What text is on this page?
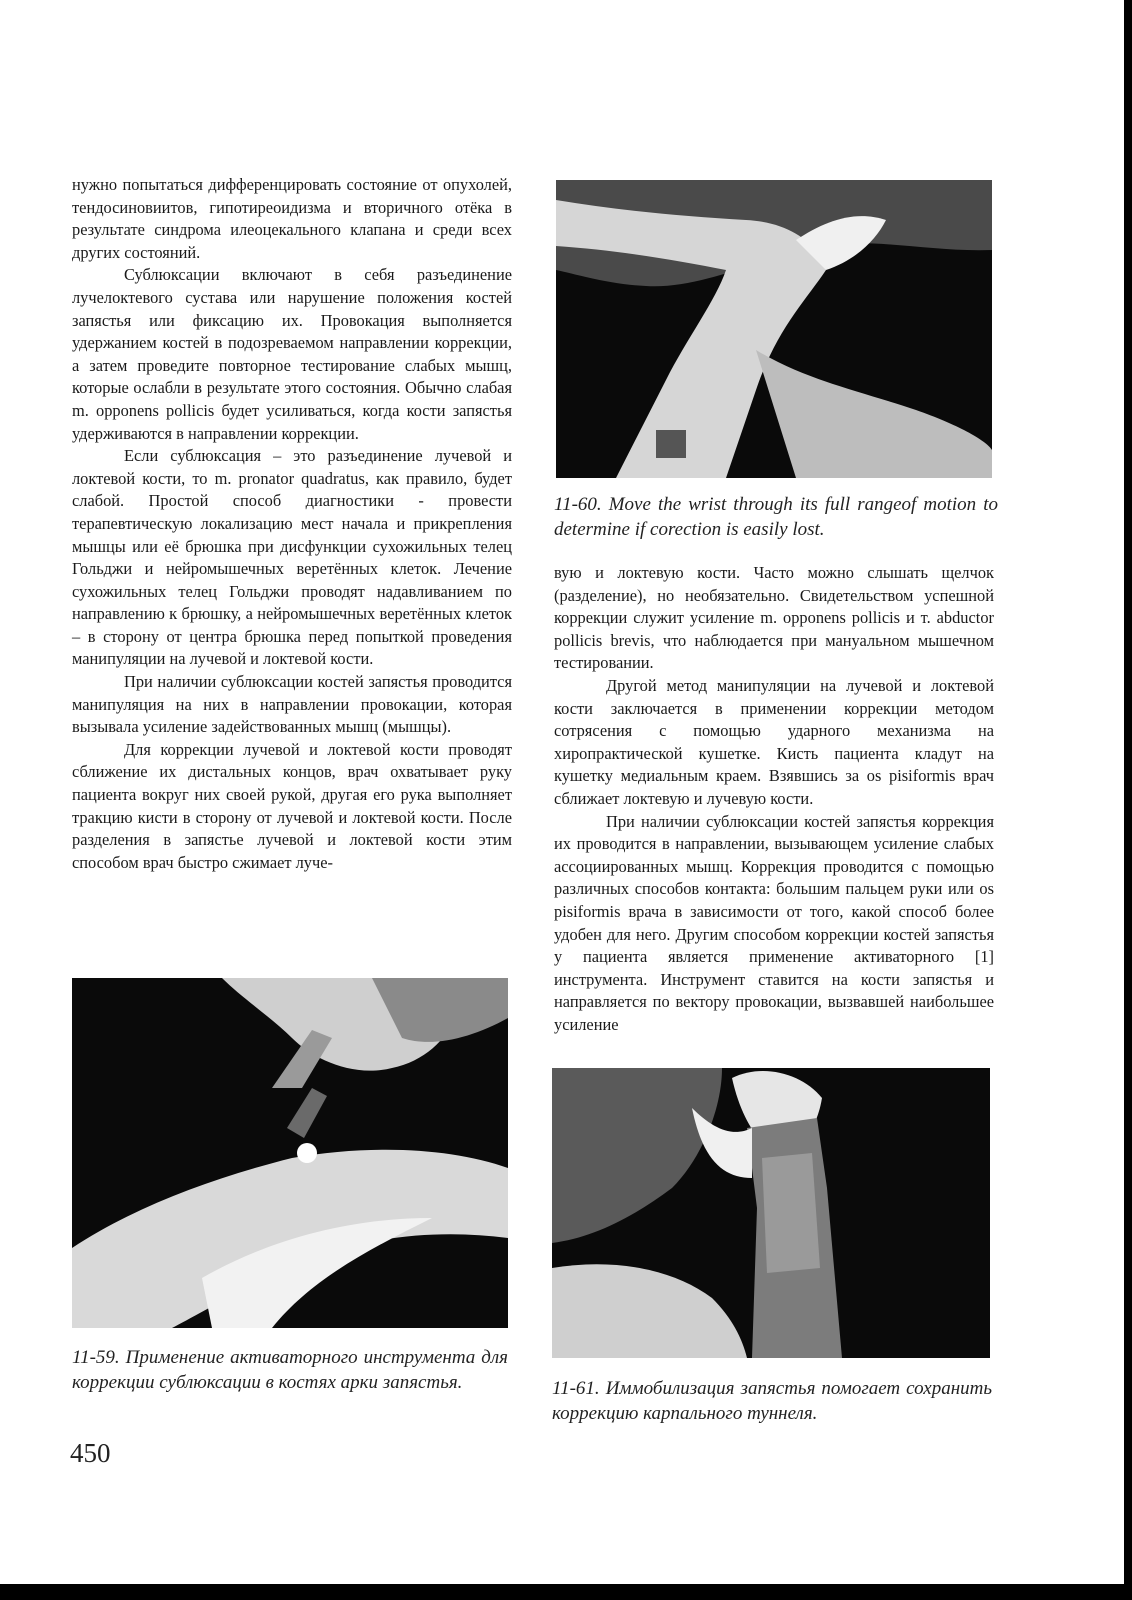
нужно попытаться дифференцировать состояние от опухолей, тендосиновиитов, гипотиреоидизма и вторичного отёка в результате синдрома илеоцекального клапана и среди всех других состояний.

Сублюксации включают в себя разъединение лучелоктевого сустава или нарушение положения костей запястья или фиксацию их. Провокация выполняется удержанием костей в подозреваемом направлении коррекции, а затем проведите повторное тестирование слабых мышц, которые ослабли в результате этого состояния. Обычно слабая m. opponens pollicis будет усиливаться, когда кости запястья удерживаются в направлении коррекции.

Если сублюксация – это разъединение лучевой и локтевой кости, то m. pronator quadratus, как правило, будет слабой. Простой способ диагностики - провести терапевтическую локализацию мест начала и прикрепления мышцы или её брюшка при дисфункции сухожильных телец Гольджи и нейромышечных веретённых клеток. Лечение сухожильных телец Гольджи проводят надавливанием по направлению к брюшку, а нейромышечных веретённых клеток – в сторону от центра брюшка перед попыткой проведения манипуляции на лучевой и локтевой кости.

При наличии сублюксации костей запястья проводится манипуляция на них в направлении провокации, которая вызывала усиление задействованных мышц (мышцы).

Для коррекции лучевой и локтевой кости проводят сближение их дистальных концов, врач охватывает руку пациента вокруг них своей рукой, другая его рука выполняет тракцию кисти в сторону от лучевой и локтевой кости. После разделения в запястье лучевой и локтевой кости этим способом врач быстро сжимает луче-

11-60. Move the wrist through its full rangeof motion to determine if corection is easily lost.

вую и локтевую кости. Часто можно слышать щелчок (разделение), но необязательно. Свидетельством успешной коррекции служит усиление m. opponens pollicis и т. abductor pollicis brevis, что наблюдается при мануальном мышечном тестировании.

Другой метод манипуляции на лучевой и локтевой кости заключается в применении коррекции методом сотрясения с помощью ударного механизма на хиропрактической кушетке. Кисть пациента кладут на кушетку медиальным краем. Взявшись за os pisiformis врач сближает локтевую и лучевую кости.

При наличии сублюксации костей запястья коррекция их проводится в направлении, вызывающем усиление слабых ассоциированных мышц. Коррекция проводится с помощью различных способов контакта: большим пальцем руки или os pisiformis врача в зависимости от того, какой способ более удобен для него. Другим способом коррекции костей запястья у пациента является применение активаторного [1] инструмента. Инструмент ставится на кости запястья и направляется по вектору провокации, вызвавшей наибольшее усиление

11-59. Применение активаторного инструмента для коррекции сублюксации в костях арки запястья.	11-61. Иммобилизация запястья помогает сохранить коррекцию карпального туннеля.
450
